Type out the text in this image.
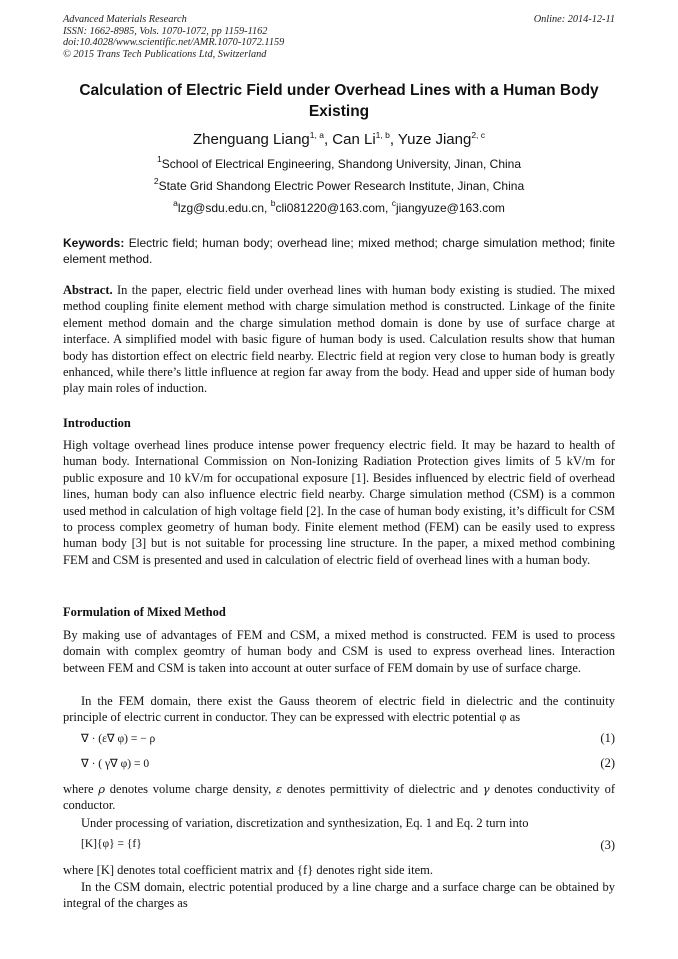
Advanced Materials Research
ISSN: 1662-8985, Vols. 1070-1072, pp 1159-1162
doi:10.4028/www.scientific.net/AMR.1070-1072.1159
© 2015 Trans Tech Publications Ltd, Switzerland
Online: 2014-12-11
Calculation of Electric Field under Overhead Lines with a Human Body Existing
Zhenguang Liang$^{1, a}$, Can Li$^{1, b}$, Yuze Jiang$^{2, c}$
$^1$School of Electrical Engineering, Shandong University, Jinan, China
$^2$State Grid Shandong Electric Power Research Institute, Jinan, China
$^a$lzg@sdu.edu.cn, $^b$cli081220@163.com, $^c$jiangyuze@163.com
Keywords: Electric field; human body; overhead line; mixed method; charge simulation method; finite element method.
Abstract. In the paper, electric field under overhead lines with human body existing is studied. The mixed method coupling finite element method with charge simulation method is constructed. Linkage of the finite element method domain and the charge simulation method domain is done by use of surface charge at interface. A simplified model with basic figure of human body is used. Calculation results show that human body has distortion effect on electric field nearby. Electric field at region very close to human body is greatly enhanced, while there’s little influence at region far away from the body. Head and upper side of human body play main roles of induction.
Introduction
High voltage overhead lines produce intense power frequency electric field. It may be hazard to health of human body. International Commission on Non-Ionizing Radiation Protection gives limits of 5 kV/m for public exposure and 10 kV/m for occupational exposure [1]. Besides influenced by electric field of overhead lines, human body can also influence electric field nearby. Charge simulation method (CSM) is a common used method in calculation of high voltage field [2]. In the case of human body existing, it’s difficult for CSM to process complex geometry of human body. Finite element method (FEM) can be easily used to express human body [3] but is not suitable for processing line structure. In the paper, a mixed method combining FEM and CSM is presented and used in calculation of electric field of overhead lines with a human body.
Formulation of Mixed Method
By making use of advantages of FEM and CSM, a mixed method is constructed. FEM is used to process domain with complex geomtry of human body and CSM is used to express overhead lines. Interaction between FEM and CSM is taken into account at outer surface of FEM domain by use of surface charge.
In the FEM domain, there exist the Gauss theorem of electric field in dielectric and the continuity principle of electric current in conductor. They can be expressed with electric potential φ as
∇ · (ε∇ φ) = − ρ	(1)
∇ · ( γ∇ φ) = 0	(2)
where ρ denotes volume charge density, ε denotes permittivity of dielectric and γ denotes conductivity of conductor.
Under processing of variation, discretization and synthesization, Eq. 1 and Eq. 2 turn into
[K]{φ} = {f}	(3)
where [K] denotes total coefficient matrix and {f} denotes right side item.
In the CSM domain, electric potential produced by a line charge and a surface charge can be obtained by integral of the charges as
